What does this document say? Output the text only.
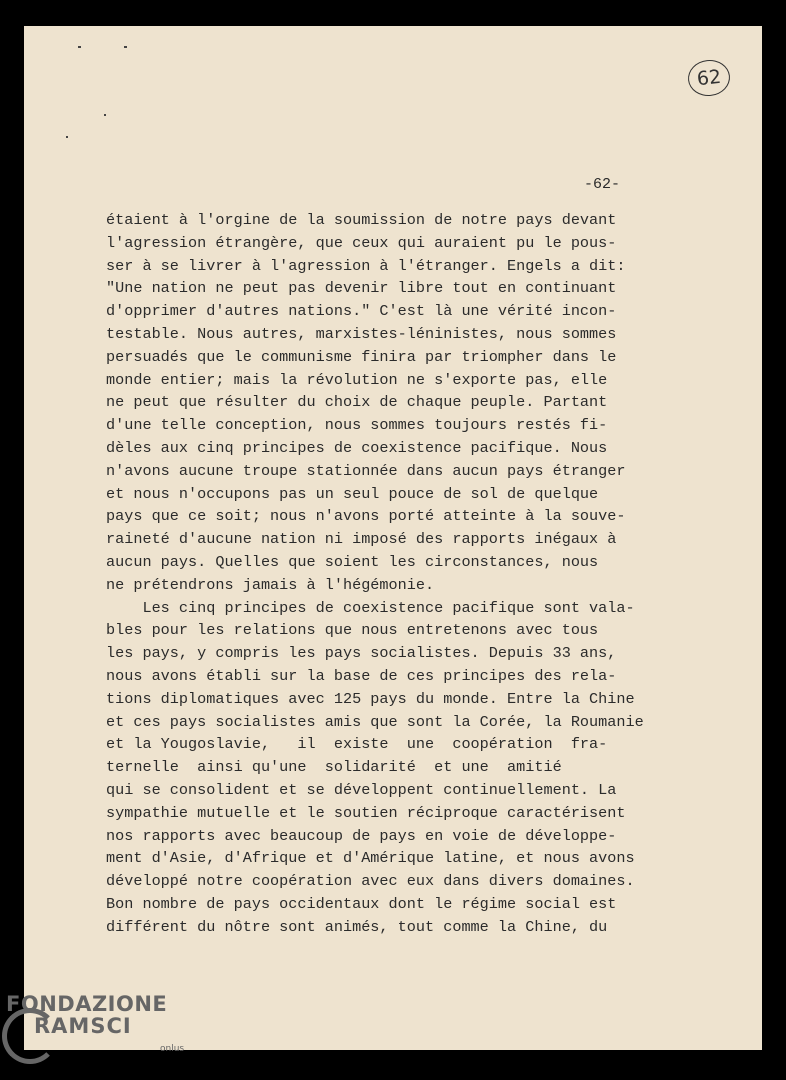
62
-62-
étaient à l'orgine de la soumission de notre pays devant
l'agression étrangère, que ceux qui auraient pu le pous-
ser à se livrer à l'agression à l'étranger. Engels a dit:
"Une nation ne peut pas devenir libre tout en continuant
d'opprimer d'autres nations." C'est là une vérité incon-
testable. Nous autres, marxistes-léninistes, nous sommes
persuadés que le communisme finira par triompher dans le
monde entier; mais la révolution ne s'exporte pas, elle
ne peut que résulter du choix de chaque peuple. Partant
d'une telle conception, nous sommes toujours restés fi-
dèles aux cinq principes de coexistence pacifique. Nous
n'avons aucune troupe stationnée dans aucun pays étranger
et nous n'occupons pas un seul pouce de sol de quelque
pays que ce soit; nous n'avons porté atteinte à la souve-
raineté d'aucune nation ni imposé des rapports inégaux à
aucun pays. Quelles que soient les circonstances, nous
ne prétendrons jamais à l'hégémonie.
Les cinq principes de coexistence pacifique sont vala-
bles pour les relations que nous entretenons avec tous
les pays, y compris les pays socialistes. Depuis 33 ans,
nous avons établi sur la base de ces principes des rela-
tions diplomatiques avec 125 pays du monde. Entre la Chine
et ces pays socialistes amis que sont la Corée, la Roumanie
et la Yougoslavie,   il  existe  une  coopération  fra-
ternelle  ainsi qu'une  solidarité  et une  amitié
qui se consolident et se développent continuellement. La
sympathie mutuelle et le soutien réciproque caractérisent
nos rapports avec beaucoup de pays en voie de développe-
ment d'Asie, d'Afrique et d'Amérique latine, et nous avons
développé notre coopération avec eux dans divers domaines.
Bon nombre de pays occidentaux dont le régime social est
différent du nôtre sont animés, tout comme la Chine, du
FONDAZIONE
RAMSCI
onlus
